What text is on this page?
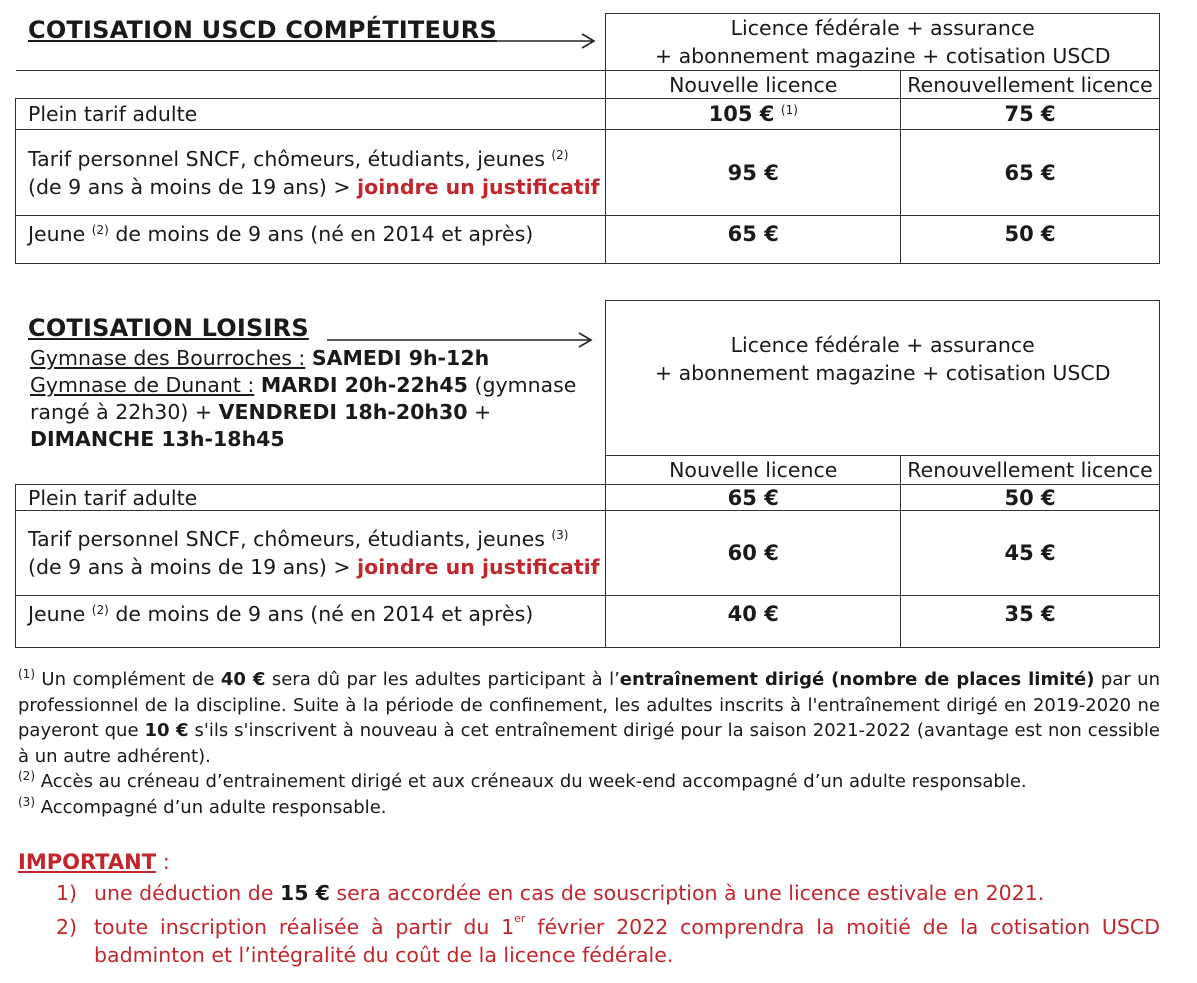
COTISATION USCD COMPÉTITEURS

	Licence fédérale + assurance
+ abonnement magazine + cotisation USCD	

	Nouvelle licence	Renouvellement licence
Plein tarif adulte	105 € $^{(1)}$	75 €
Tarif personnel SNCF, chômeurs, étudiants, jeunes $^{(2)}$
(de 9 ans à moins de 19 ans) > joindre un justificatif	95 €	65 €
Jeune $^{(2)}$ de moins de 9 ans (né en 2014 et après)	65 €	50 €
COTISATION LOISIRS
Gymnase des Bourroches : SAMEDI 9h-12h
Gymnase de Dunant : MARDI 20h-22h45 (gymnase
rangé à 22h30) + VENDREDI 18h-20h30 +
DIMANCHE 13h-18h45

	Licence fédérale + assurance
+ abonnement magazine + cotisation USCD	

	Nouvelle licence	Renouvellement licence
Plein tarif adulte	65 €	50 €
Tarif personnel SNCF, chômeurs, étudiants, jeunes $^{(3)}$
(de 9 ans à moins de 19 ans) > joindre un justificatif	60 €	45 €
Jeune $^{(2)}$ de moins de 9 ans (né en 2014 et après)	40 €	35 €

$^{(1)}$ Un complément de 40 € sera dû par les adultes participant à l’entraînement dirigé (nombre de places limité) par un professionnel de la discipline. Suite à la période de confinement, les adultes inscrits à l'entraînement dirigé en 2019-2020 ne payeront que 10 € s'ils s'inscrivent à nouveau à cet entraînement dirigé pour la saison 2021-2022 (avantage est non cessible à un autre adhérent).

$^{(2)}$ Accès au créneau d’entrainement dirigé et aux créneaux du week-end accompagné d’un adulte responsable.

$^{(3)}$ Accompagné d’un adulte responsable.

IMPORTANT :
1) une déduction de 15 € sera accordée en cas de souscription à une licence estivale en 2021.
2) toute inscription réalisée à partir du 1er février 2022 comprendra la moitié de la cotisation USCD badminton et l’intégralité du coût de la licence fédérale.
